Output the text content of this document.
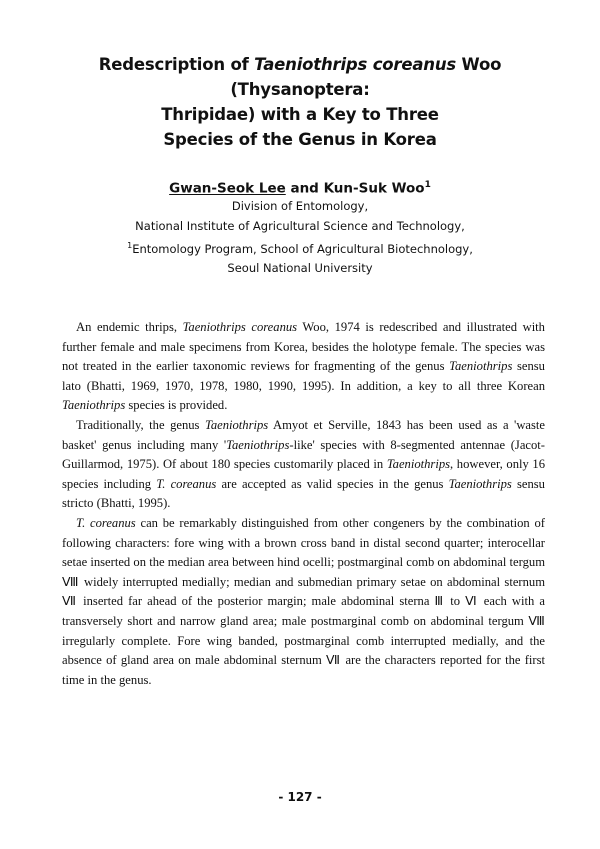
Redescription of Taeniothrips coreanus Woo (Thysanoptera:
Thripidae) with a Key to Three
Species of the Genus in Korea
Gwan-Seok Lee and Kun-Suk Woo$^1$
Division of Entomology,
National Institute of Agricultural Science and Technology,
$^1$Entomology Program, School of Agricultural Biotechnology,
Seoul National University

An endemic thrips, Taeniothrips coreanus Woo, 1974 is redescribed and illustrated with further female and male specimens from Korea, besides the holotype female. The species was not treated in the earlier taxonomic reviews for fragmenting of the genus Taeniothrips sensu lato (Bhatti, 1969, 1970, 1978, 1980, 1990, 1995). In addition, a key to all three Korean Taeniothrips species is provided.

Traditionally, the genus Taeniothrips Amyot et Serville, 1843 has been used as a 'waste basket' genus including many 'Taeniothrips-like' species with 8-segmented antennae (Jacot-Guillarmod, 1975). Of about 180 species customarily placed in Taeniothrips, however, only 16 species including T. coreanus are accepted as valid species in the genus Taeniothrips sensu stricto (Bhatti, 1995).

T. coreanus can be remarkably distinguished from other congeners by the combination of following characters: fore wing with a brown cross band in distal second quarter; interocellar setae inserted on the median area between hind ocelli; postmarginal comb on abdominal tergum Ⅷ widely interrupted medially; median and submedian primary setae on abdominal sternum Ⅶ inserted far ahead of the posterior margin; male abdominal sterna Ⅲ to Ⅵ each with a transversely short and narrow gland area; male postmarginal comb on abdominal tergum Ⅷ irregularly complete. Fore wing banded, postmarginal comb interrupted medially, and the absence of gland area on male abdominal sternum Ⅶ are the characters reported for the first time in the genus.

- 127 -
